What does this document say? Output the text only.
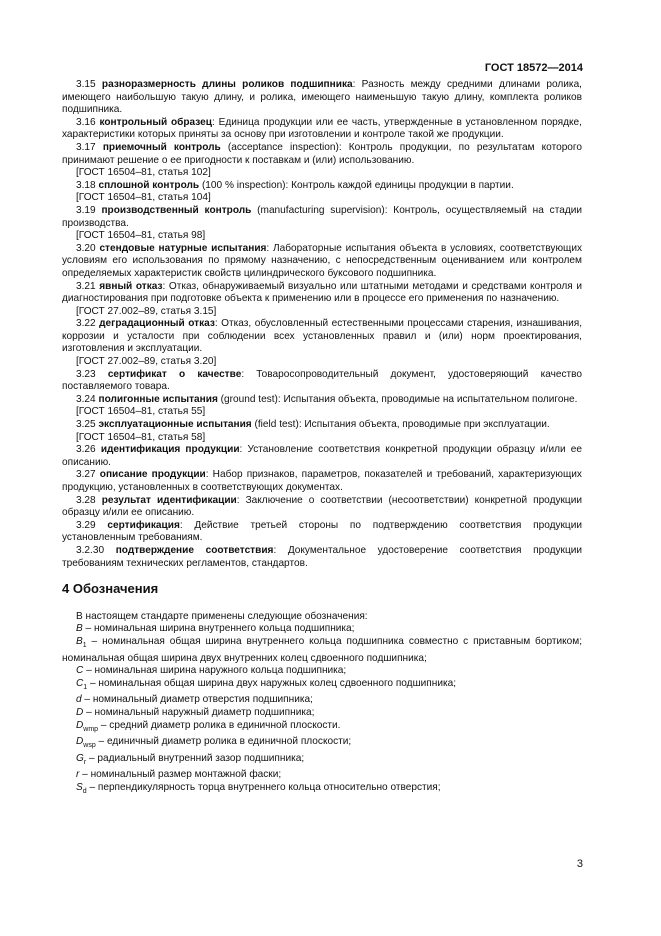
ГОСТ 18572—2014

3.15 разноразмерность длины роликов подшипника: Разность между средними длинами ролика, имеющего наибольшую такую длину, и ролика, имеющего наименьшую такую длину, комплекта роликов подшипника.

3.16 контрольный образец: Единица продукции или ее часть, утвержденные в установленном порядке, характеристики которых приняты за основу при изготовлении и контроле такой же продукции.

3.17 приемочный контроль (acceptance inspection): Контроль продукции, по результатам которого принимают решение о ее пригодности к поставкам и (или) использованию.

[ГОСТ 16504–81, статья 102]

3.18 сплошной контроль (100 % inspection): Контроль каждой единицы продукции в партии.

[ГОСТ 16504–81, статья 104]

3.19 производственный контроль (manufacturing supervision): Контроль, осуществляемый на стадии производства.

[ГОСТ 16504–81, статья 98]

3.20 стендовые натурные испытания: Лабораторные испытания объекта в условиях, соответствующих условиям его использования по прямому назначению, с непосредственным оцениванием или контролем определяемых характеристик свойств цилиндрического буксового подшипника.

3.21 явный отказ: Отказ, обнаруживаемый визуально или штатными методами и средствами контроля и диагностирования при подготовке объекта к применению или в процессе его применения по назначению.

[ГОСТ 27.002–89, статья 3.15]

3.22 деградационный отказ: Отказ, обусловленный естественными процессами старения, изнашивания, коррозии и усталости при соблюдении всех установленных правил и (или) норм проектирования, изготовления и эксплуатации.

[ГОСТ 27.002–89, статья 3.20]

3.23 сертификат о качестве: Товаросопроводительный документ, удостоверяющий качество поставляемого товара.

3.24 полигонные испытания (ground test): Испытания объекта, проводимые на испытательном полигоне.

[ГОСТ 16504–81, статья 55]

3.25 эксплуатационные испытания (field test): Испытания объекта, проводимые при эксплуатации.

[ГОСТ 16504–81, статья 58]

3.26 идентификация продукции: Установление соответствия конкретной продукции образцу и/или ее описанию.

3.27 описание продукции: Набор признаков, параметров, показателей и требований, характеризующих продукцию, установленных в соответствующих документах.

3.28 результат идентификации: Заключение о соответствии (несоответствии) конкретной продукции образцу и/или ее описанию.

3.29 сертификация: Действие третьей стороны по подтверждению соответствия продукции установленным требованиям.

3.2.30 подтверждение соответствия: Документальное удостоверение соответствия продукции требованиям технических регламентов, стандартов.

4 Обозначения

В настоящем стандарте применены следующие обозначения:

B – номинальная ширина внутреннего кольца подшипника;

$B_1$ – номинальная общая ширина внутреннего кольца подшипника совместно с приставным бортиком; номинальная общая ширина двух внутренних колец сдвоенного подшипника;

C – номинальная ширина наружного кольца подшипника;

$C_1$ – номинальная общая ширина двух наружных колец сдвоенного подшипника;

d – номинальный диаметр отверстия подшипника;

D – номинальный наружный диаметр подшипника;

$D_{wmp}$ – средний диаметр ролика в единичной плоскости.

$D_{wsp}$ – единичный диаметр ролика в единичной плоскости;

$G_r$ – радиальный внутренний зазор подшипника;

r – номинальный размер монтажной фаски;

$S_d$ – перпендикулярность торца внутреннего кольца относительно отверстия;

3
